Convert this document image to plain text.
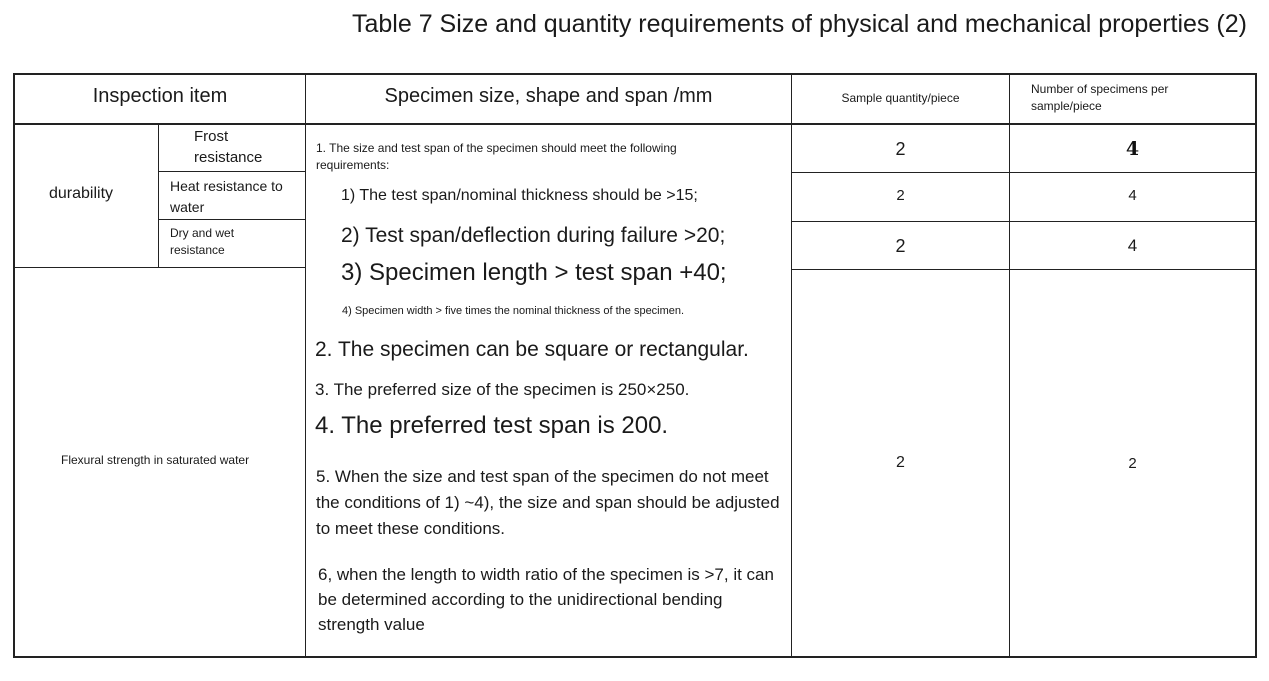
Table 7 Size and quantity requirements of physical and mechanical properties (2)
Inspection item	Specimen size, shape and span /mm	Sample quantity/piece
Number of specimens per sample/piece
durability
Frost resistance
Heat resistance to water
Dry and wet resistance
Flexural strength in saturated water
1. The size and test span of the specimen should meet the following requirements:
1) The test span/nominal thickness should be >15;
2) Test span/deflection during failure >20;
3) Specimen length > test span +40;
4) Specimen width > five times the nominal thickness of the specimen.
2. The specimen can be square or rectangular.
3. The preferred size of the specimen is 250×250.
4. The preferred test span is 200.
5. When the size and test span of the specimen do not meet the conditions of 1) ~4), the size and span should be adjusted to meet these conditions.
6, when the length to width ratio of the specimen is >7, it can be determined according to the unidirectional bending strength value
2
2
2
2
4
4
4
2
